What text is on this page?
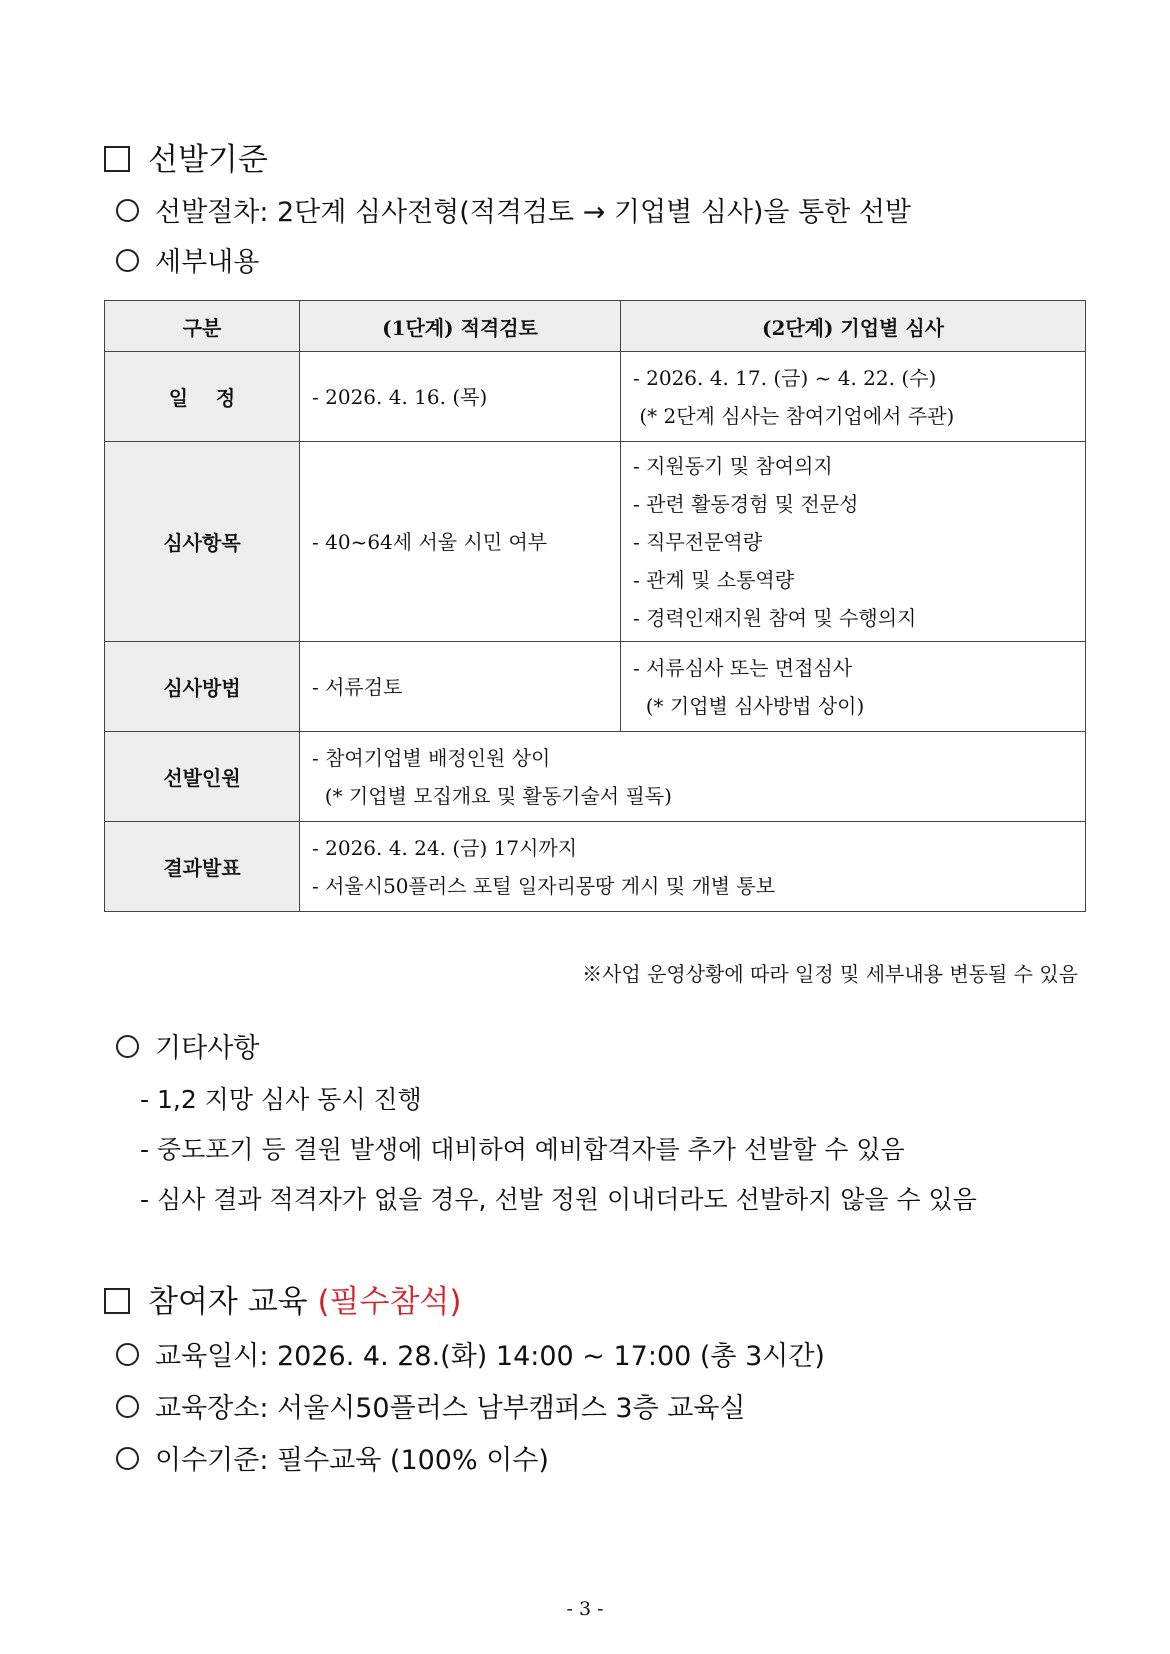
선발기준
선발절차: 2단계 심사전형(적격검토 → 기업별 심사)을 통한 선발
세부내용
구분	(1단계) 적격검토	(2단계) 기업별 심사
일    정	- 2026. 4. 16. (목)	- 2026. 4. 17. (금) ~ 4. 22. (수)
(* 2단계 심사는 참여기업에서 주관)

심사항목	- 40~64세 서울 시민 여부	- 지원동기 및 참여의지
- 관련 활동경험 및 전문성
- 직무전문역량
- 관계 및 소통역량
- 경력인재지원 참여 및 수행의지

심사방법	- 서류검토	- 서류심사 또는 면접심사
(* 기업별 심사방법 상이)

선발인원	- 참여기업별 배정인원 상이
(* 기업별 모집개요 및 활동기술서 필독)	

결과발표	- 2026. 4. 24. (금) 17시까지
- 서울시50플러스 포털 일자리몽땅 게시 및 개별 통보	
※사업 운영상황에 따라 일정 및 세부내용 변동될 수 있음
기타사항
- 1,2 지망 심사 동시 진행
- 중도포기 등 결원 발생에 대비하여 예비합격자를 추가 선발할 수 있음
- 심사 결과 적격자가 없을 경우, 선발 정원 이내더라도 선발하지 않을 수 있음
참여자 교육 (필수참석)
교육일시: 2026. 4. 28.(화) 14:00 ~ 17:00 (총 3시간)
교육장소: 서울시50플러스 남부캠퍼스 3층 교육실
이수기준: 필수교육 (100% 이수)
- 3 -
